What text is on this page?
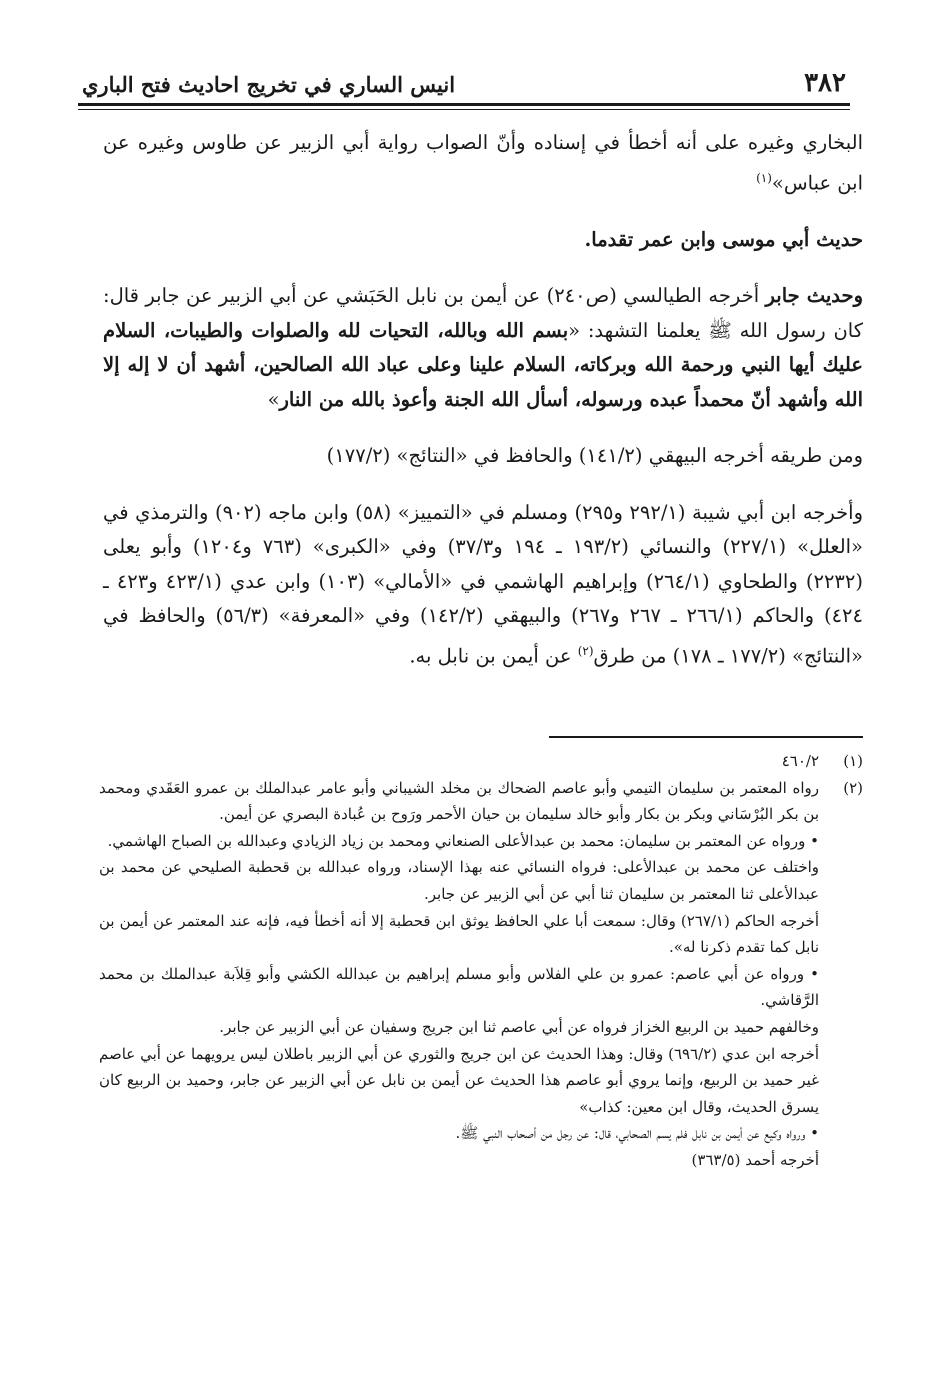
٣٨٢
انيس الساري في تخريج احاديث فتح الباري

البخاري وغيره على أنه أخطأ في إسناده وأنّ الصواب رواية أبي الزبير عن طاوس وغيره عن ابن عباس»$^{(١)}$

حديث أبي موسى وابن عمر تقدما.

وحديث جابر أخرجه الطيالسي (ص٢٤٠) عن أيمن بن نابل الحَبَشي عن أبي الزبير عن جابر قال: كان رسول الله ﷺ يعلمنا التشهد: «بسم الله وبالله، التحيات لله والصلوات والطيبات، السلام عليك أيها النبي ورحمة الله وبركاته، السلام علينا وعلى عباد الله الصالحين، أشهد أن لا إله إلا الله وأشهد أنّ محمداً عبده ورسوله، أسأل الله الجنة وأعوذ بالله من النار»

ومن طريقه أخرجه البيهقي (١٤١/٢) والحافظ في «النتائج» (١٧٧/٢)

وأخرجه ابن أبي شيبة (٢٩٢/١ و٢٩٥) ومسلم في «التمييز» (٥٨) وابن ماجه (٩٠٢) والترمذي في «العلل» (٢٢٧/١) والنسائي (١٩٣/٢ ـ ١٩٤ و٣٧/٣) وفي «الكبرى» (٧٦٣ و١٢٠٤) وأبو يعلى (٢٢٣٢) والطحاوي (٢٦٤/١) وإبراهيم الهاشمي في «الأمالي» (١٠٣) وابن عدي (٤٢٣/١ و٤٢٣ ـ ٤٢٤) والحاكم (٢٦٦/١ ـ ٢٦٧ و٢٦٧) والبيهقي (١٤٢/٢) وفي «المعرفة» (٥٦/٣) والحافظ في «النتائج» (١٧٧/٢ ـ ١٧٨) من طرق$^{(٢)}$ عن أيمن بن نابل به.

(١)

٤٦٠/٢

(٢)

رواه المعتمر بن سليمان التيمي وأبو عاصم الضحاك بن مخلد الشيباني وأبو عامر عبدالملك بن عمرو العَقَدي ومحمد بن بكر البُرْسَاني وبكر بن بكار وأبو خالد سليمان بن حيان الأحمر ورَوح بن عُبادة البصري عن أيمن.

• ورواه عن المعتمر بن سليمان: محمد بن عبدالأعلى الصنعاني ومحمد بن زياد الزيادي وعبدالله بن الصباح الهاشمي.

واختلف عن محمد بن عبدالأعلى: فرواه النسائي عنه بهذا الإسناد، ورواه عبدالله بن قحطبة الصليحي عن محمد بن عبدالأعلى ثنا المعتمر بن سليمان ثنا أبي عن أبي الزبير عن جابر.

أخرجه الحاكم (٢٦٧/١) وقال: سمعت أبا علي الحافظ يوثق ابن قحطبة إلا أنه أخطأ فيه، فإنه عند المعتمر عن أيمن بن نابل كما تقدم ذكرنا له».

• ورواه عن أبي عاصم: عمرو بن علي الفلاس وأبو مسلم إبراهيم بن عبدالله الكشي وأبو قِلاَبة عبدالملك بن محمد الرَّقاشي.

وخالفهم حميد بن الربيع الخزاز فرواه عن أبي عاصم ثنا ابن جريج وسفيان عن أبي الزبير عن جابر.

أخرجه ابن عدي (٦٩٦/٢) وقال: وهذا الحديث عن ابن جريج والثوري عن أبي الزبير باطلان ليس يرويهما عن أبي عاصم غير حميد بن الربيع، وإنما يروي أبو عاصم هذا الحديث عن أيمن بن نابل عن أبي الزبير عن جابر، وحميد بن الربيع كان يسرق الحديث، وقال ابن معين: كذاب»

• ورواه وكيع عن أيمن بن نابل فلم يسم الصحابي، قال: عن رجل من أصحاب النبي ﷺ.

أخرجه أحمد (٣٦٣/٥)
